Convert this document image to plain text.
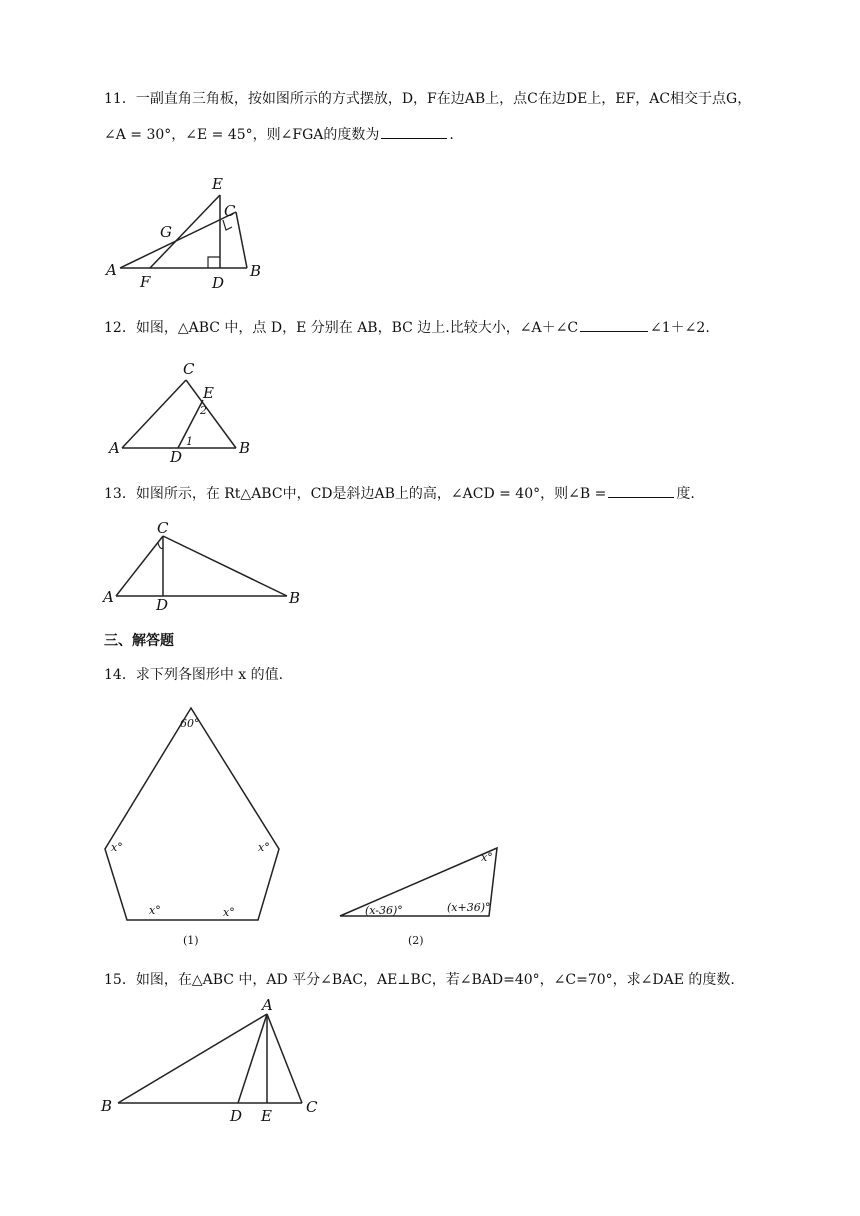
11．一副直角三角板，按如图所示的方式摆放，D，F在边AB上，点C在边DE上，EF，AC相交于点G，
∠A = 30°，∠E = 45°，则∠FGA的度数为	.
E
C
G
A
F	D
B
12．如图，△ABC 中，点 D，E 分别在 AB，BC 边上.比较大小，∠A＋∠C	∠1＋∠2.
C
E
2
A	1
D	B
13．如图所示，在 Rt△ABC中，CD是斜边AB上的高，∠ACD = 40°，则∠B =	度.
C
A	D	B
三、解答题
14．求下列各图形中 x 的值.
60°
x°	x°
x°	x°
(1)
x°
(x-36)°	(x+36)°
(2)
15．如图，在△ABC 中，AD 平分∠BAC，AE⊥BC，若∠BAD=40°，∠C=70°，求∠DAE 的度数.
A
B
D E C
